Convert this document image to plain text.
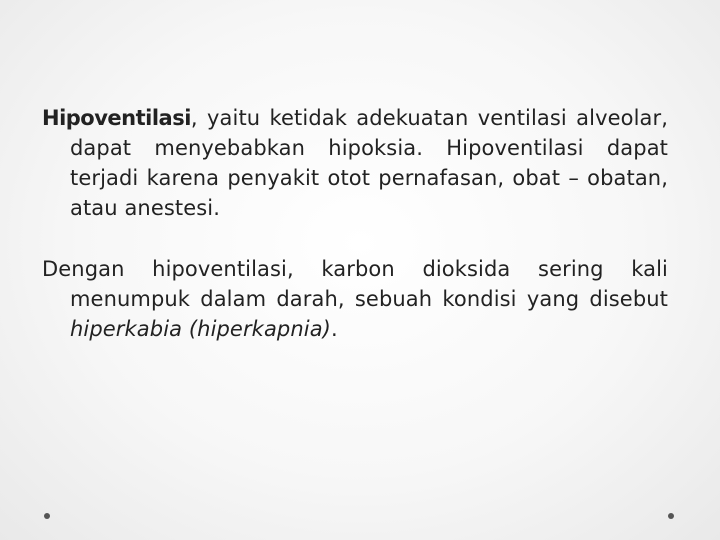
Hipoventilasi, yaitu ketidak adekuatan ventilasi alveolar, dapat menyebabkan hipoksia. Hipoventilasi dapat terjadi karena penyakit otot pernafasan, obat – obatan, atau anestesi.

Dengan hipoventilasi, karbon dioksida sering kali menumpuk dalam darah, sebuah kondisi yang disebut hiperkabia (hiperkapnia).
